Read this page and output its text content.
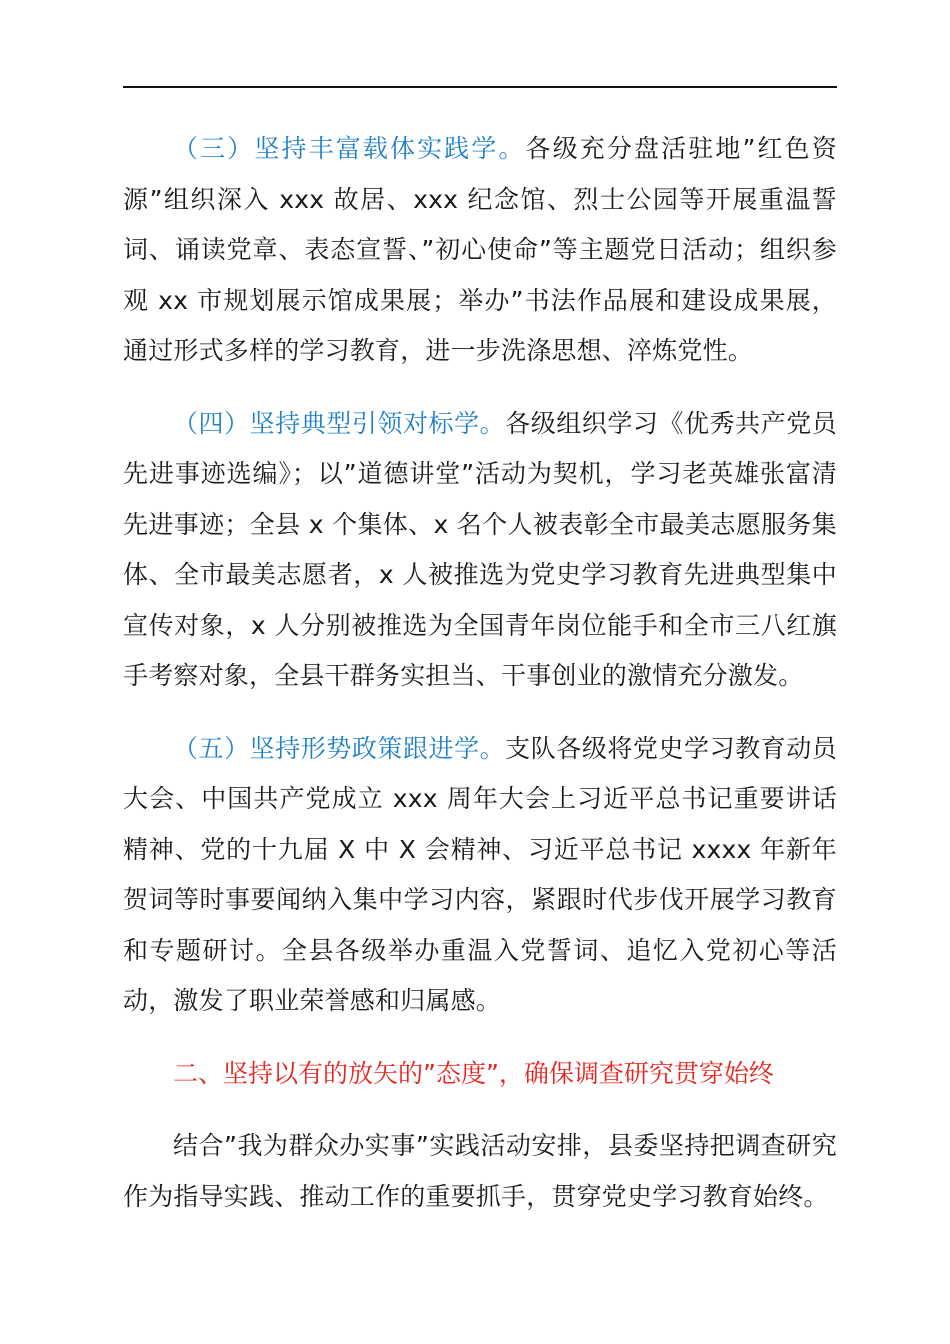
（三）坚持丰富载体实践学。各级充分盘活驻地”红色资源”组织深入 xxx 故居、xxx 纪念馆、烈士公园等开展重温誓词、诵读党章、表态宣誓、”初心使命”等主题党日活动；组织参观 xx 市规划展示馆成果展；举办”书法作品展和建设成果展，通过形式多样的学习教育，进一步洗涤思想、淬炼党性。

（四）坚持典型引领对标学。各级组织学习《优秀共产党员先进事迹选编》；以”道德讲堂”活动为契机，学习老英雄张富清先进事迹；全县 x 个集体、x 名个人被表彰全市最美志愿服务集体、全市最美志愿者，x 人被推选为党史学习教育先进典型集中宣传对象，x 人分别被推选为全国青年岗位能手和全市三八红旗手考察对象，全县干群务实担当、干事创业的激情充分激发。

（五）坚持形势政策跟进学。支队各级将党史学习教育动员大会、中国共产党成立 xxx 周年大会上习近平总书记重要讲话精神、党的十九届 X 中 X 会精神、习近平总书记 xxxx 年新年贺词等时事要闻纳入集中学习内容，紧跟时代步伐开展学习教育和专题研讨。全县各级举办重温入党誓词、追忆入党初心等活动，激发了职业荣誉感和归属感。

二、坚持以有的放矢的”态度”，确保调查研究贯穿始终

结合”我为群众办实事”实践活动安排，县委坚持把调查研究作为指导实践、推动工作的重要抓手，贯穿党史学习教育始终。
